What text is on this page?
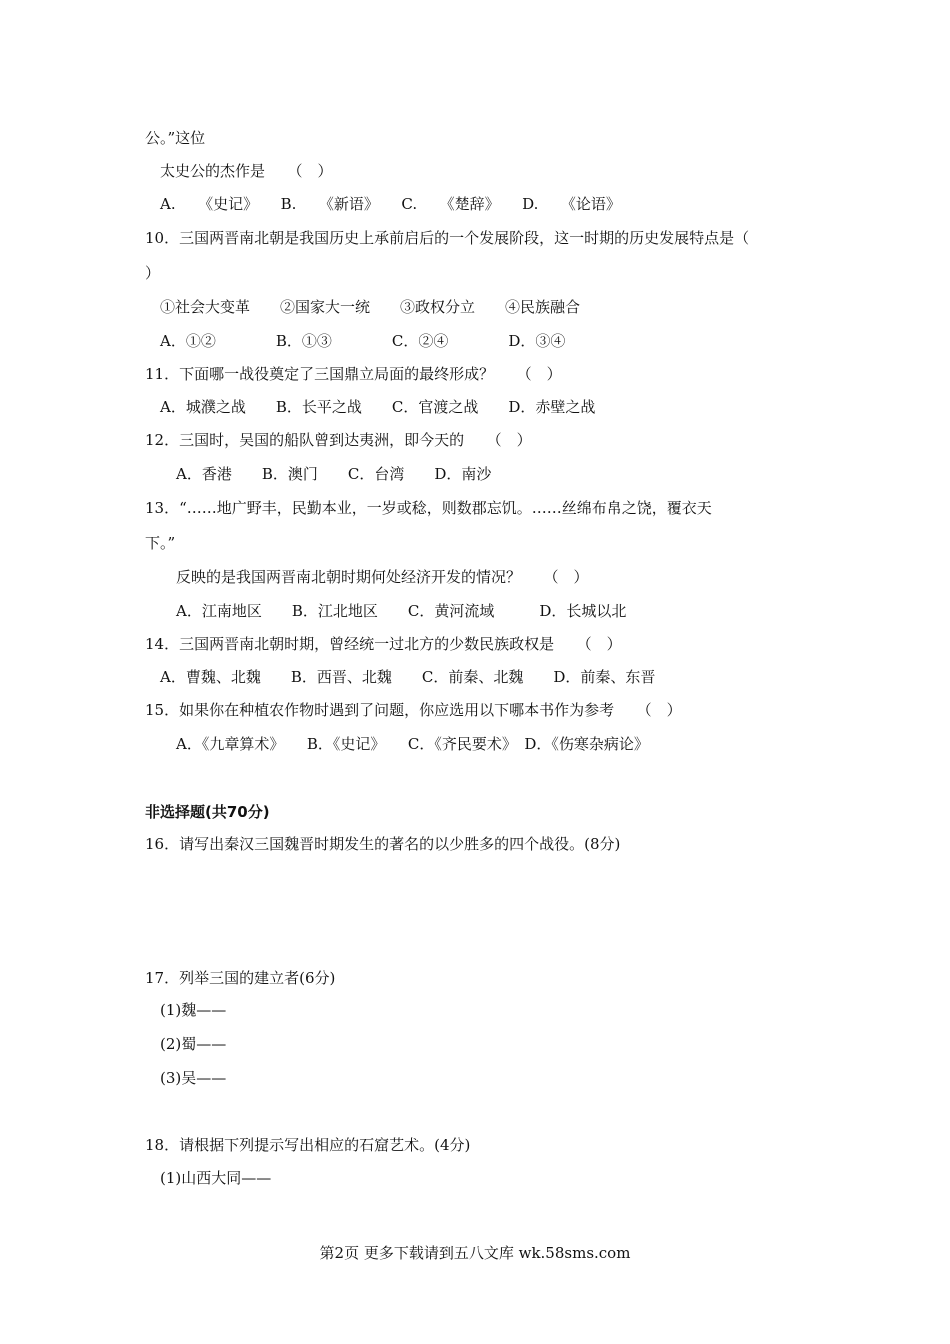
公。”这位
太史公的杰作是　　（　）
A.　　《史记》　　B.　　《新语》　　C.　　《楚辞》　　D.　　《论语》
10．三国两晋南北朝是我国历史上承前启后的一个发展阶段，这一时期的历史发展特点是（
）
①社会大变革　　②国家大一统　　③政权分立　　④民族融合
A．①②　　　　B．①③　　　　C．②④　　　　D．③④
11．下面哪一战役奠定了三国鼎立局面的最终形成？　　（　）
A．城濮之战　　B．长平之战　　C．官渡之战　　D．赤壁之战
12．三国时，吴国的船队曾到达夷洲，即今天的　　（　）
A．香港　　B．澳门　　C．台湾　　D．南沙
13．“……地广野丰，民勤本业，一岁或稔，则数郡忘饥。……丝绵布帛之饶，覆衣天
下。”
反映的是我国两晋南北朝时期何处经济开发的情况？　　（　）
A．江南地区　　B．江北地区　　C．黄河流域　　　D．长城以北
14．三国两晋南北朝时期，曾经统一过北方的少数民族政权是　　（　）
A．曹魏、北魏　　B．西晋、北魏　　C．前秦、北魏　　D．前秦、东晋
15．如果你在种植农作物时遇到了问题，你应选用以下哪本书作为参考　　（　）
A．《九章算术》　　B．《史记》　　C．《齐民要术》　D．《伤寒杂病论》
非选择题(共70分)
16．请写出秦汉三国魏晋时期发生的著名的以少胜多的四个战役。(8分)
17．列举三国的建立者(6分)
(1)魏——
(2)蜀——
(3)吴——
18．请根据下列提示写出相应的石窟艺术。(4分)
(1)山西大同——
第2页 更多下载请到五八文库 wk.58sms.com
